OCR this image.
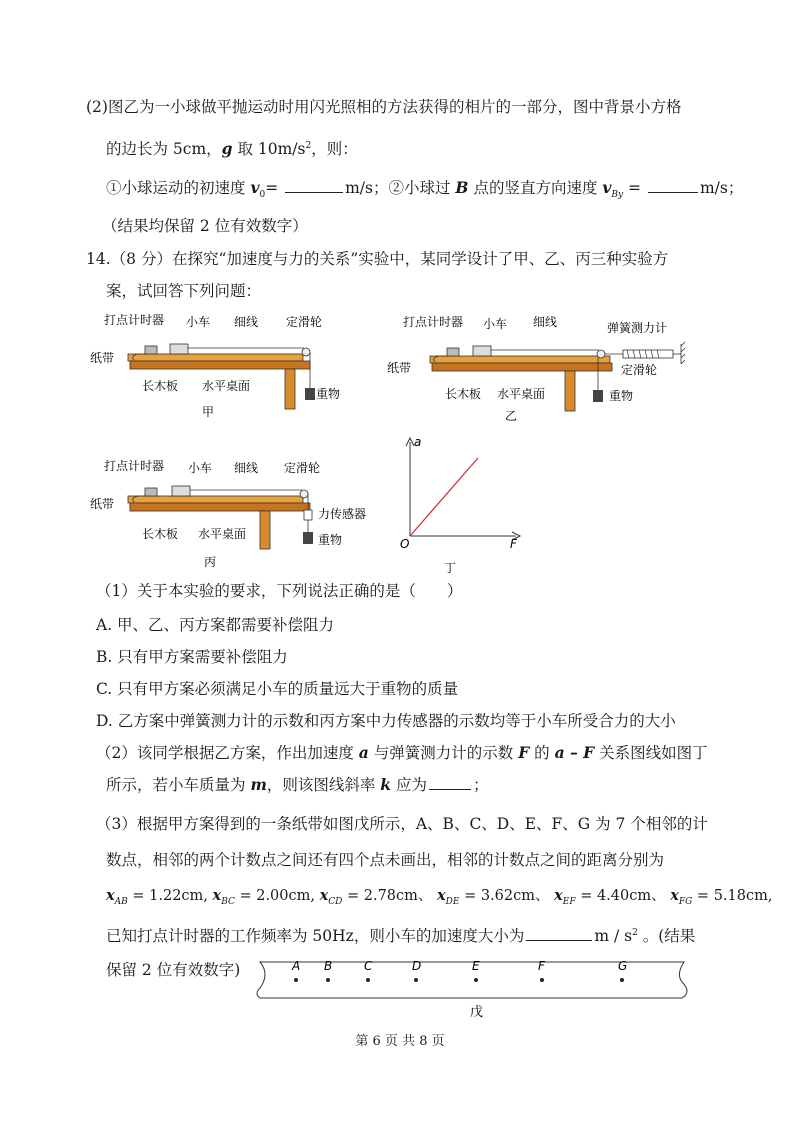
(2)图乙为一小球做平抛运动时用闪光照相的方法获得的相片的一部分，图中背景小方格
的边长为 5cm，g 取 $10m/s^2$，则：
①小球运动的初速度 $v_0=$	m/s；②小球过 B 点的竖直方向速度 $v_{By}$ =	m/s；
（结果均保留 2 位有效数字）
14.（8 分）在探究“加速度与力的关系”实验中，某同学设计了甲、乙、丙三种实验方
案，试回答下列问题：
打点计时器 小车 细线 定滑轮
纸带
长木板 水平桌面
重物
甲
打点计时器 小车 细线	弹簧测力计
定滑轮
纸带
长木板 水平桌面	重物
乙
打点计时器 小车 细线 定滑轮
纸带
长木板 水平桌面
力传感器
重物
丙
a
F
O
丁
（1）关于本实验的要求，下列说法正确的是（　　）
A. 甲、乙、丙方案都需要补偿阻力
B. 只有甲方案需要补偿阻力
C. 只有甲方案必须满足小车的质量远大于重物的质量
D. 乙方案中弹簧测力计的示数和丙方案中力传感器的示数均等于小车所受合力的大小
（2）该同学根据乙方案，作出加速度 a 与弹簧测力计的示数 F 的 a – F 关系图线如图丁
所示，若小车质量为 m，则该图线斜率 k 应为	；
（3）根据甲方案得到的一条纸带如图戊所示，A、B、C、D、E、F、G 为 7 个相邻的计
数点，相邻的两个计数点之间还有四个点未画出，相邻的计数点之间的距离分别为
$x_{AB} = 1.22cm$, $x_{BC} = 2.00cm$, $x_{CD} = 2.78cm$、 $x_{DE} = 3.62cm$、 $x_{EF} = 4.40cm$、 $x_{FG} = 5.18cm$,
已知打点计时器的工作频率为 50Hz，则小车的加速度大小为	m / $s^2$ 。(结果
保留 2 位有效数字)	A B	C	D	E	F	G
戊
第 6 页 共 8 页
